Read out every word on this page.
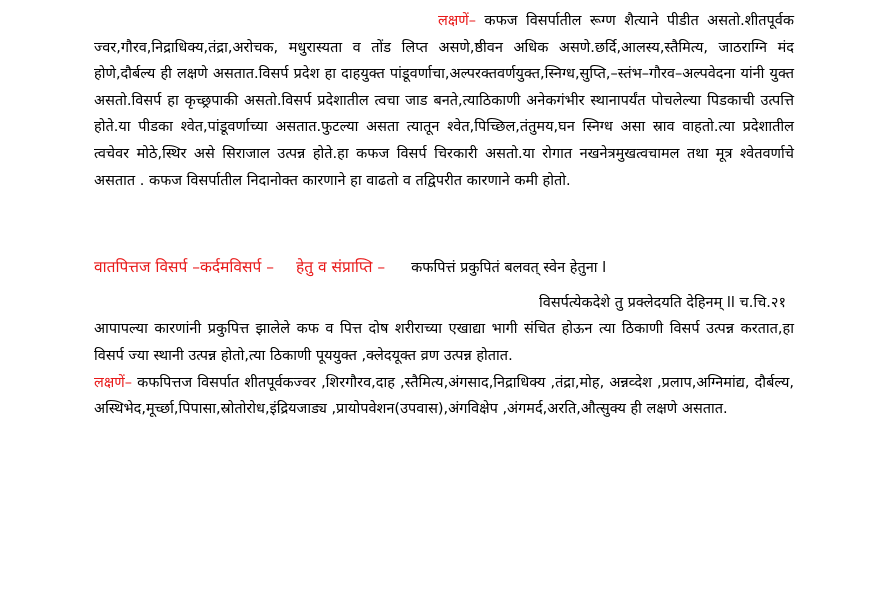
लक्षणें– कफज विसर्पातील रूग्ण शैत्याने पीडीत असतो.शीतपूर्वक ज्वर,गौरव,निद्राधिक्य,तंद्रा,अरोचक, मधुरास्यता व तोंड लिप्त असणे,ष्ठीवन अधिक असणे.छर्दि,आलस्य,स्तैमित्य, जाठराग्नि मंद होणे,दौर्बल्य ही लक्षणे असतात.विसर्प प्रदेश हा दाहयुक्त पांडूवर्णाचा,अल्परक्तवर्णयुक्त,स्निग्ध,सुप्ति,–स्तंभ–गौरव–अल्पवेदना यांनी युक्त असतो.विसर्प हा कृच्छ्रपाकी असतो.विसर्प प्रदेशातील त्वचा जाड बनते,त्याठिकाणी अनेकगंभीर स्थानापर्यंत पोचलेल्या पिडकाची उत्पत्ति होते.या पीडका श्वेत,पांडूवर्णाच्या असतात.फुटल्या असता त्यातून श्वेत,पिच्छिल,तंतुमय,घन स्निग्ध असा स्राव वाहतो.त्या प्रदेशातील त्वचेवर मोठे,स्थिर असे सिराजाल उत्पन्न होते.हा कफज विसर्प चिरकारी असतो.या रोगात नखनेत्रमुखत्वचामल तथा मूत्र श्वेतवर्णाचे असतात . कफज विसर्पातील निदानोक्त कारणाने हा वाढतो व तद्विपरीत कारणाने कमी होतो.

वातपित्तज विसर्प –कर्दमविसर्प – हेतु व संप्राप्ति – कफपित्तं प्रकुपितं बलवत् स्वेन हेतुना l
विसर्पत्येकदेशे तु प्रक्लेदयति देहिनम् ll च.चि.२१

आपापल्या कारणांनी प्रकुपित्त झालेले कफ व पित्त दोष शरीराच्या एखाद्या भागी संचित होऊन त्या ठिकाणी विसर्प उत्पन्न करतात,हा विसर्प ज्या स्थानी उत्पन्न होतो,त्या ठिकाणी पूययुक्त ,क्लेदयूक्त व्रण उत्पन्न होतात.

लक्षणें– कफपित्तज विसर्पात शीतपूर्वकज्वर ,शिरगौरव,दाह ,स्तैमित्य,अंगसाद,निद्राधिक्य ,तंद्रा,मोह, अन्नव्देश ,प्रलाप,अग्निमांद्य, दौर्बल्य, अस्थिभेद,मूर्च्छा,पिपासा,स्रोतोरोध,इंद्रियजाड्य ,प्रायोपवेशन(उपवास),अंगविक्षेप ,अंगमर्द,अरति,औत्सुक्य ही लक्षणे असतात.
